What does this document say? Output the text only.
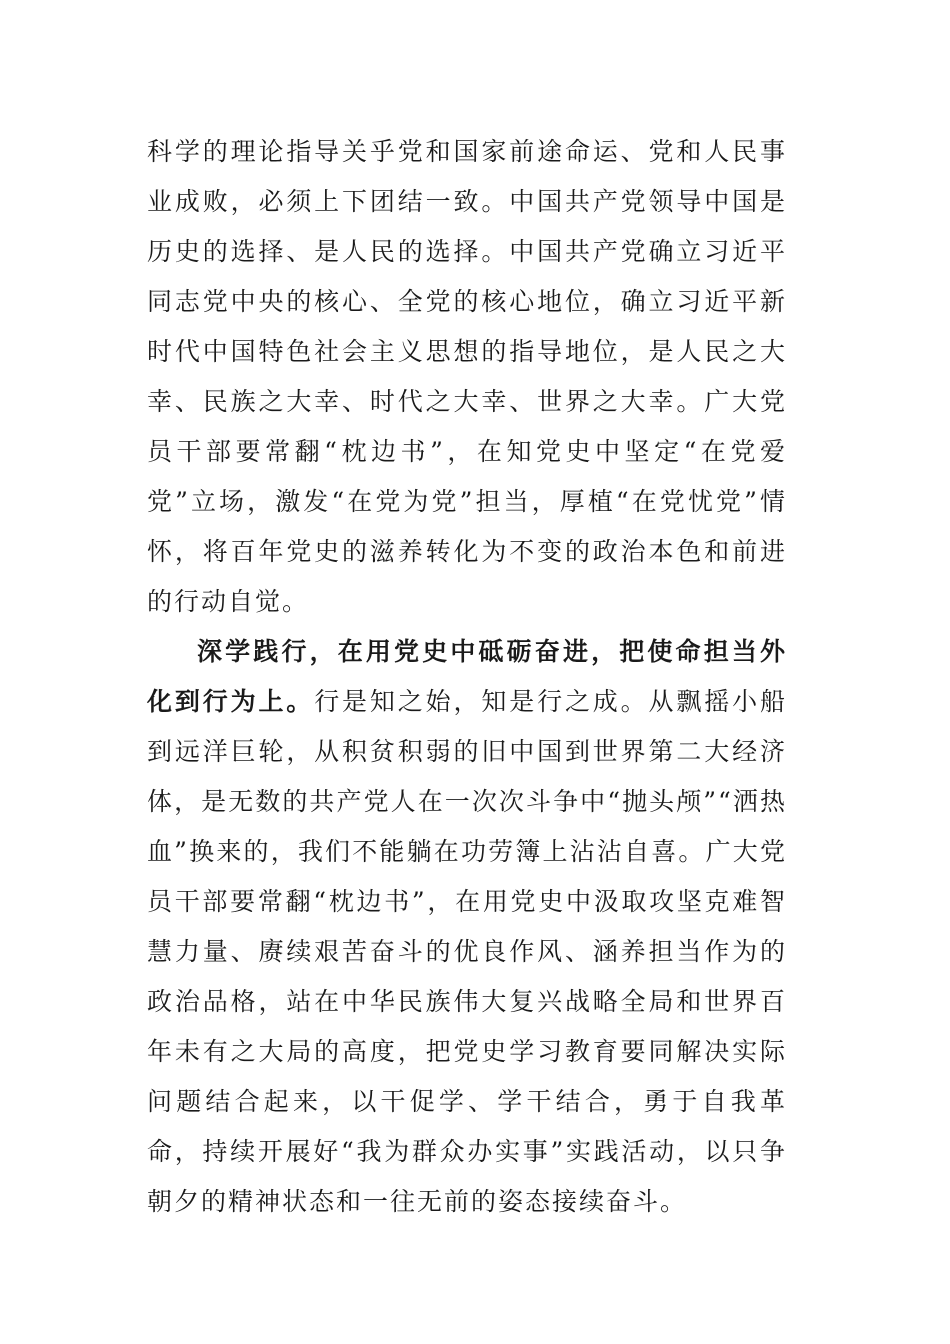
科学的理论指导关乎党和国家前途命运、党和人民事业成败，必须上下团结一致。中国共产党领导中国是历史的选择、是人民的选择。中国共产党确立习近平同志党中央的核心、全党的核心地位，确立习近平新时代中国特色社会主义思想的指导地位，是人民之大幸、民族之大幸、时代之大幸、世界之大幸。广大党员干部要常翻“枕边书”，在知党史中坚定“在党爱党”立场，激发“在党为党”担当，厚植“在党忧党”情怀，将百年党史的滋养转化为不变的政治本色和前进的行动自觉。

深学践行，在用党史中砥砺奋进，把使命担当外化到行为上。行是知之始，知是行之成。从飘摇小船到远洋巨轮，从积贫积弱的旧中国到世界第二大经济体，是无数的共产党人在一次次斗争中“抛头颅”“洒热血”换来的，我们不能躺在功劳簿上沾沾自喜。广大党员干部要常翻“枕边书”，在用党史中汲取攻坚克难智慧力量、赓续艰苦奋斗的优良作风、涵养担当作为的政治品格，站在中华民族伟大复兴战略全局和世界百年未有之大局的高度，把党史学习教育要同解决实际问题结合起来，以干促学、学干结合，勇于自我革命，持续开展好“我为群众办实事”实践活动，以只争朝夕的精神状态和一往无前的姿态接续奋斗。
